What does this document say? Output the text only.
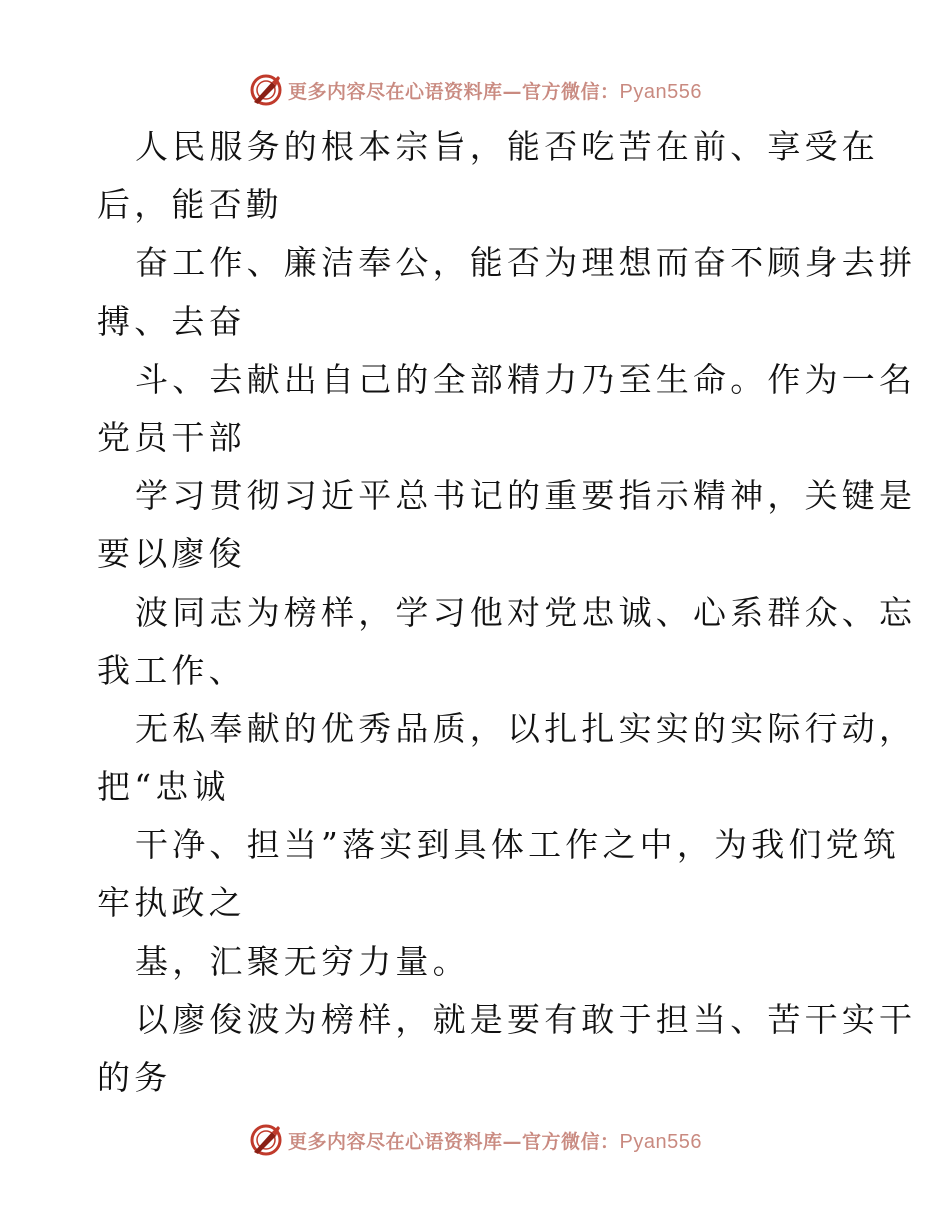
更多内容尽在心语资料库—官方微信：Pyan556
人民服务的根本宗旨，能否吃苦在前、享受在
后，能否勤
奋工作、廉洁奉公，能否为理想而奋不顾身去拼
搏、去奋
斗、去献出自己的全部精力乃至生命。作为一名
党员干部
学习贯彻习近平总书记的重要指示精神，关键是
要以廖俊
波同志为榜样，学习他对党忠诚、心系群众、忘
我工作、
无私奉献的优秀品质，以扎扎实实的实际行动，
把“忠诚
干净、担当”落实到具体工作之中，为我们党筑
牢执政之
基，汇聚无穷力量。
以廖俊波为榜样，就是要有敢于担当、苦干实干
的务
更多内容尽在心语资料库—官方微信：Pyan556
